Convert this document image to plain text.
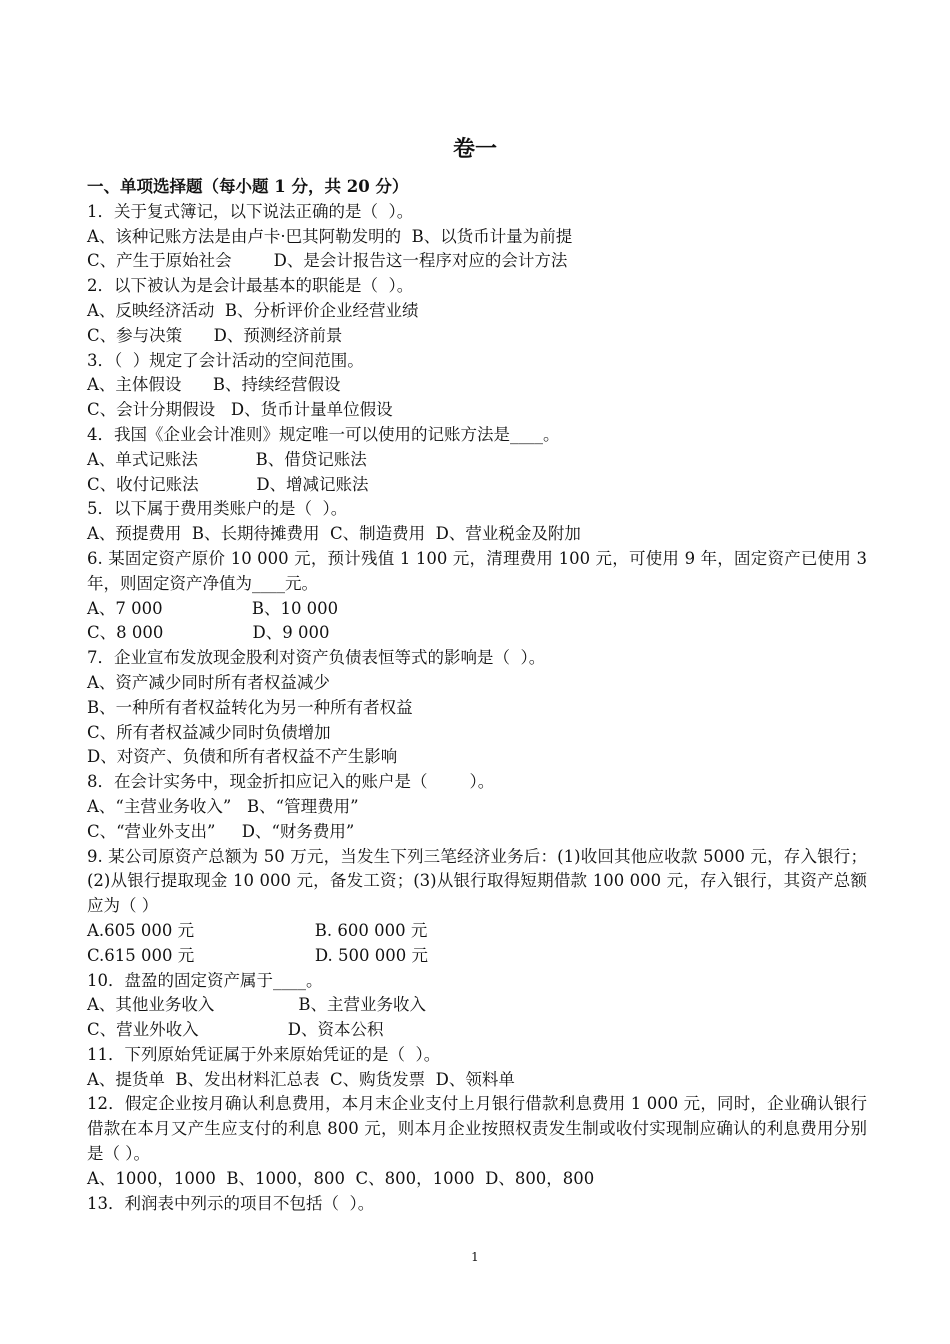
卷一
一、单项选择题（每小题 1 分，共 20 分）
1．关于复式簿记，以下说法正确的是（  ）。
A、该种记账方法是由卢卡·巴其阿勒发明的  B、以货币计量为前提
C、产生于原始社会        D、是会计报告这一程序对应的会计方法
2．以下被认为是会计最基本的职能是（  ）。
A、反映经济活动  B、分析评价企业经营业绩
C、参与决策      D、预测经济前景
3．（  ）规定了会计活动的空间范围。
A、主体假设      B、持续经营假设
C、会计分期假设   D、货币计量单位假设
4．我国《企业会计准则》规定唯一可以使用的记账方法是____。
A、单式记账法           B、借贷记账法
C、收付记账法           D、增减记账法
5．以下属于费用类账户的是（  ）。
A、预提费用  B、长期待摊费用  C、制造费用  D、营业税金及附加
6. 某固定资产原价 10 000 元，预计残值 1 100 元，清理费用 100 元，可使用 9 年，固定资产已使用 3 年，则固定资产净值为____元。
A、7 000                 B、10 000
C、8 000                 D、9 000
7．企业宣布发放现金股利对资产负债表恒等式的影响是（  ）。
A、资产减少同时所有者权益减少
B、一种所有者权益转化为另一种所有者权益
C、所有者权益减少同时负债增加
D、对资产、负债和所有者权益不产生影响
8．在会计实务中，现金折扣应记入的账户是（        ）。
A、“主营业务收入”   B、“管理费用”
C、“营业外支出”     D、“财务费用”
9. 某公司原资产总额为 50 万元，当发生下列三笔经济业务后：(1)收回其他应收款 5000 元，存入银行；(2)从银行提取现金 10 000 元，备发工资；(3)从银行取得短期借款 100 000 元，存入银行，其资产总额应为（ ）
A.605 000 元                       B. 600 000 元
C.615 000 元                       D. 500 000 元
10．盘盈的固定资产属于____。
A、其他业务收入                B、主营业务收入
C、营业外收入                 D、资本公积
11．下列原始凭证属于外来原始凭证的是（  ）。
A、提货单  B、发出材料汇总表  C、购货发票  D、领料单
12．假定企业按月确认利息费用，本月末企业支付上月银行借款利息费用 1 000 元，同时，企业确认银行借款在本月又产生应支付的利息 800 元，则本月企业按照权责发生制或收付实现制应确认的利息费用分别是（ ）。
A、1000，1000  B、1000，800  C、800，1000  D、800，800
13．利润表中列示的项目不包括（  ）。
1
